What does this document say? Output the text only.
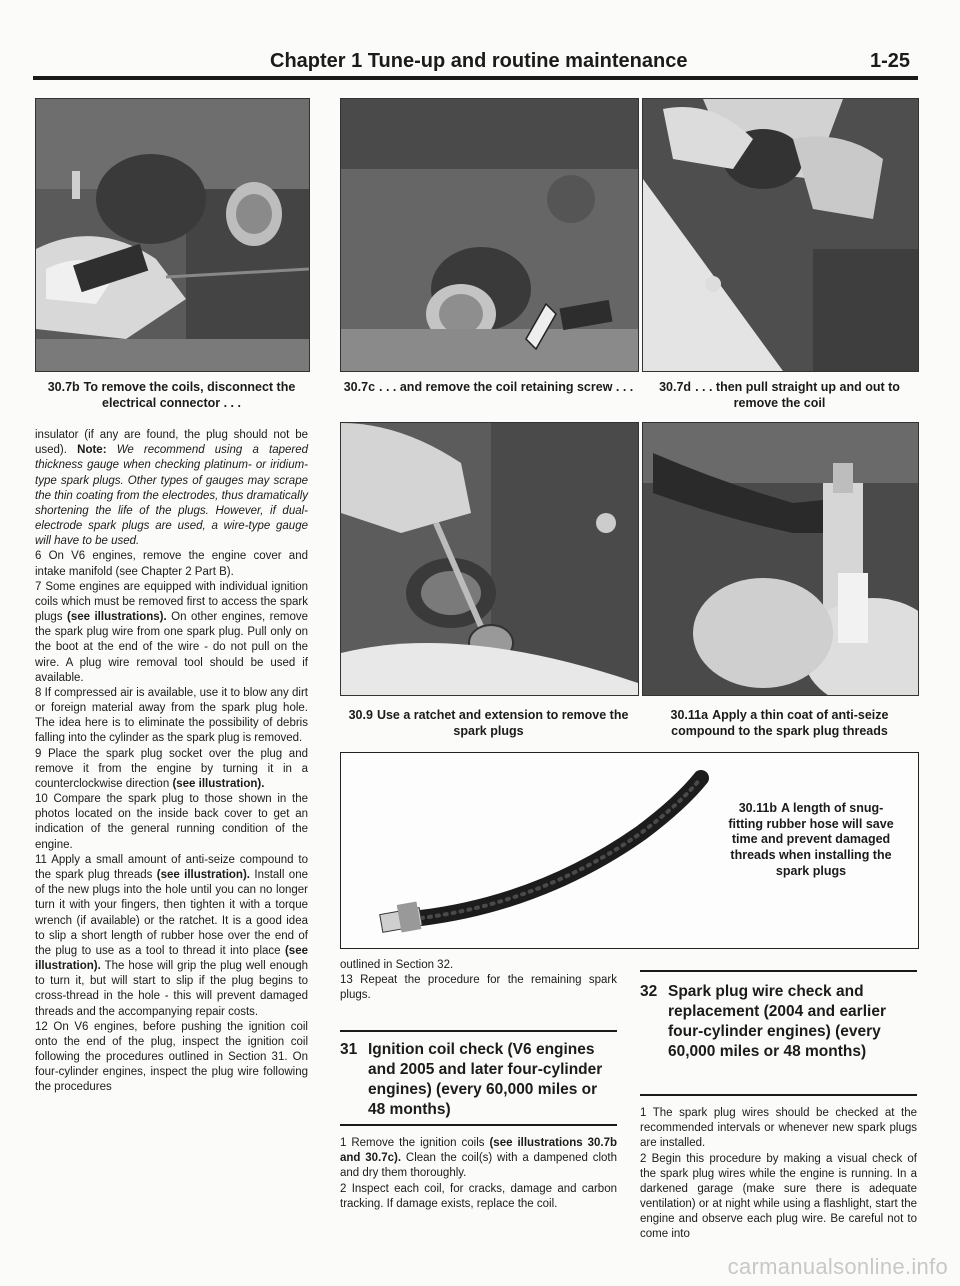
Chapter 1 Tune-up and routine maintenance	1-25
30.7b To remove the coils, disconnect the electrical connector . . .
30.7c . . . and remove the coil retaining screw . . .	30.7d . . . then pull straight up and out to remove the coil
30.9 Use a ratchet and extension to remove the spark plugs
30.11a Apply a thin coat of anti-seize compound to the spark plug threads
30.11b A length of snug-fitting rubber hose will save time and prevent damaged threads when installing the spark plugs

insulator (if any are found, the plug should not be used). Note: We recommend using a tapered thickness gauge when checking platinum- or iridium-type spark plugs. Other types of gauges may scrape the thin coating from the electrodes, thus dramatically shortening the life of the plugs. However, if dual-electrode spark plugs are used, a wire-type gauge will have to be used.

6 On V6 engines, remove the engine cover and intake manifold (see Chapter 2 Part B).

7 Some engines are equipped with individual ignition coils which must be removed first to access the spark plugs (see illustrations). On other engines, remove the spark plug wire from one spark plug. Pull only on the boot at the end of the wire - do not pull on the wire. A plug wire removal tool should be used if available.

8 If compressed air is available, use it to blow any dirt or foreign material away from the spark plug hole. The idea here is to eliminate the possibility of debris falling into the cylinder as the spark plug is removed.

9 Place the spark plug socket over the plug and remove it from the engine by turning it in a counterclockwise direction (see illustration).

10 Compare the spark plug to those shown in the photos located on the inside back cover to get an indication of the general running condition of the engine.

11 Apply a small amount of anti-seize compound to the spark plug threads (see illustration). Install one of the new plugs into the hole until you can no longer turn it with your fingers, then tighten it with a torque wrench (if available) or the ratchet. It is a good idea to slip a short length of rubber hose over the end of the plug to use as a tool to thread it into place (see illustration). The hose will grip the plug well enough to turn it, but will start to slip if the plug begins to cross-thread in the hole - this will prevent damaged threads and the accompanying repair costs.

12 On V6 engines, before pushing the ignition coil onto the end of the plug, inspect the ignition coil following the procedures outlined in Section 31. On four-cylinder engines, inspect the plug wire following the procedures

outlined in Section 32.

13 Repeat the procedure for the remaining spark plugs.

31 Ignition coil check (V6 engines and 2005 and later four-cylinder engines) (every 60,000 miles or 48 months)

1 Remove the ignition coils (see illustrations 30.7b and 30.7c). Clean the coil(s) with a dampened cloth and dry them thoroughly.

2 Inspect each coil, for cracks, damage and carbon tracking. If damage exists, replace the coil.

32 Spark plug wire check and replacement (2004 and earlier four-cylinder engines) (every 60,000 miles or 48 months)

1 The spark plug wires should be checked at the recommended intervals or whenever new spark plugs are installed.

2 Begin this procedure by making a visual check of the spark plug wires while the engine is running. In a darkened garage (make sure there is adequate ventilation) or at night while using a flashlight, start the engine and observe each plug wire. Be careful not to come into

carmanualsonline.info
